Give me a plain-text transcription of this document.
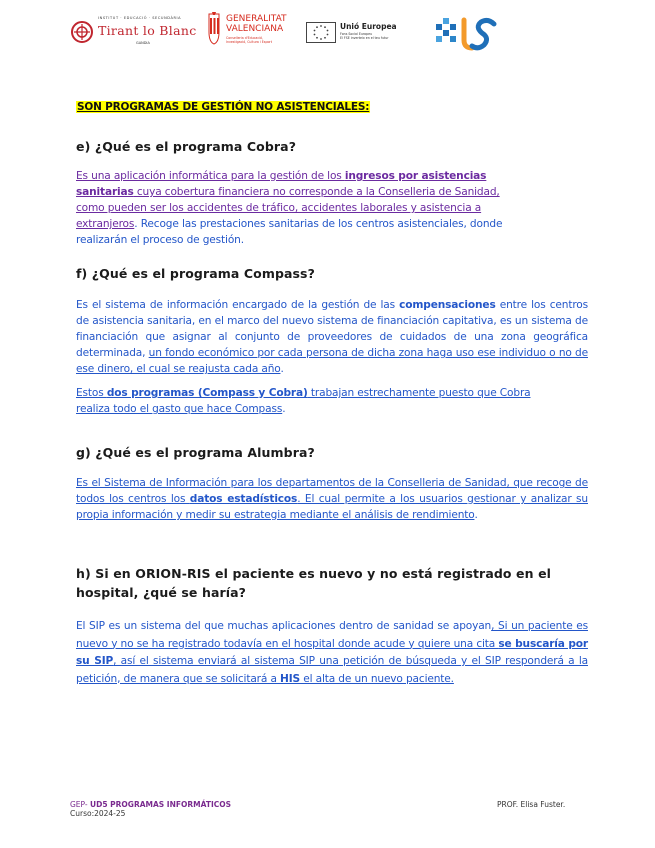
INSTITUT · EDUCACIÓ · SECUNDÀRIA
Tirant lo Blanc
GANDIA
GENERALITAT
VALENCIANA
Conselleria d'Educació,
Investigació, Cultura i Esport
Unió Europea
Fons Social Europeu
El FSE inverteix en el teu futur
SON PROGRAMAS DE GESTIÓN NO ASISTENCIALES:
e) ¿Qué es el programa Cobra?
Es una aplicación informática para la gestión de los ingresos por asistencias
sanitarias cuya cobertura financiera no corresponde a la Conselleria de Sanidad,
como pueden ser los accidentes de tráfico, accidentes laborales y asistencia a
extranjeros. Recoge las prestaciones sanitarias de los centros asistenciales, donde
realizarán el proceso de gestión.
f) ¿Qué es el programa Compass?
Es el sistema de información encargado de la gestión de las compensaciones entre los centros de asistencia sanitaria, en el marco del nuevo sistema de financiación capitativa, es un sistema de financiación que asignar al conjunto de proveedores de cuidados de una zona geográfica determinada, un fondo económico por cada persona de dicha zona haga uso ese individuo o no de ese dinero, el cual se reajusta cada año.
Estos dos programas (Compass y Cobra) trabajan estrechamente puesto que Cobra
realiza todo el gasto que hace Compass.
g) ¿Qué es el programa Alumbra?
Es el Sistema de Información para los departamentos de la Conselleria de Sanidad, que recoge de todos los centros los datos estadísticos. El cual permite a los usuarios gestionar y analizar su propia información y medir su estrategia mediante el análisis de rendimiento.
h) Si en ORION-RIS el paciente es nuevo y no está registrado en el hospital, ¿qué se haría?
El SIP es un sistema del que muchas aplicaciones dentro de sanidad se apoyan, Si un paciente es nuevo y no se ha registrado todavía en el hospital donde acude y quiere una cita se buscaría por su SIP, así el sistema enviará al sistema SIP una petición de búsqueda y el SIP responderá a la petición, de manera que se solicitará a HIS el alta de un nuevo paciente.
GEP- UD5 PROGRAMAS INFORMÁTICOS
Curso:2024-25
PROF. Elisa Fuster.
